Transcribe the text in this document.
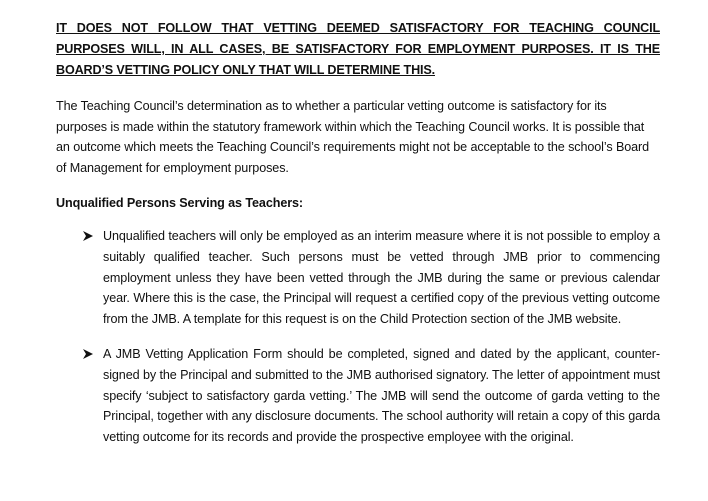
IT DOES NOT FOLLOW THAT VETTING DEEMED SATISFACTORY FOR TEACHING COUNCIL PURPOSES WILL, IN ALL CASES, BE SATISFACTORY FOR EMPLOYMENT PURPOSES. IT IS THE BOARD’S VETTING POLICY ONLY THAT WILL DETERMINE THIS.

The Teaching Council’s determination as to whether a particular vetting outcome is satisfactory for its purposes is made within the statutory framework within which the Teaching Council works. It is possible that an outcome which meets the Teaching Council’s requirements might not be acceptable to the school’s Board of Management for employment purposes.

Unqualified Persons Serving as Teachers:

Unqualified teachers will only be employed as an interim measure where it is not possible to employ a suitably qualified teacher. Such persons must be vetted through JMB prior to commencing employment unless they have been vetted through the JMB during the same or previous calendar year. Where this is the case, the Principal will request a certified copy of the previous vetting outcome from the JMB. A template for this request is on the Child Protection section of the JMB website.

A JMB Vetting Application Form should be completed, signed and dated by the applicant, counter-signed by the Principal and submitted to the JMB authorised signatory. The letter of appointment must specify ‘subject to satisfactory garda vetting.’ The JMB will send the outcome of garda vetting to the Principal, together with any disclosure documents. The school authority will retain a copy of this garda vetting outcome for its records and provide the prospective employee with the original.
